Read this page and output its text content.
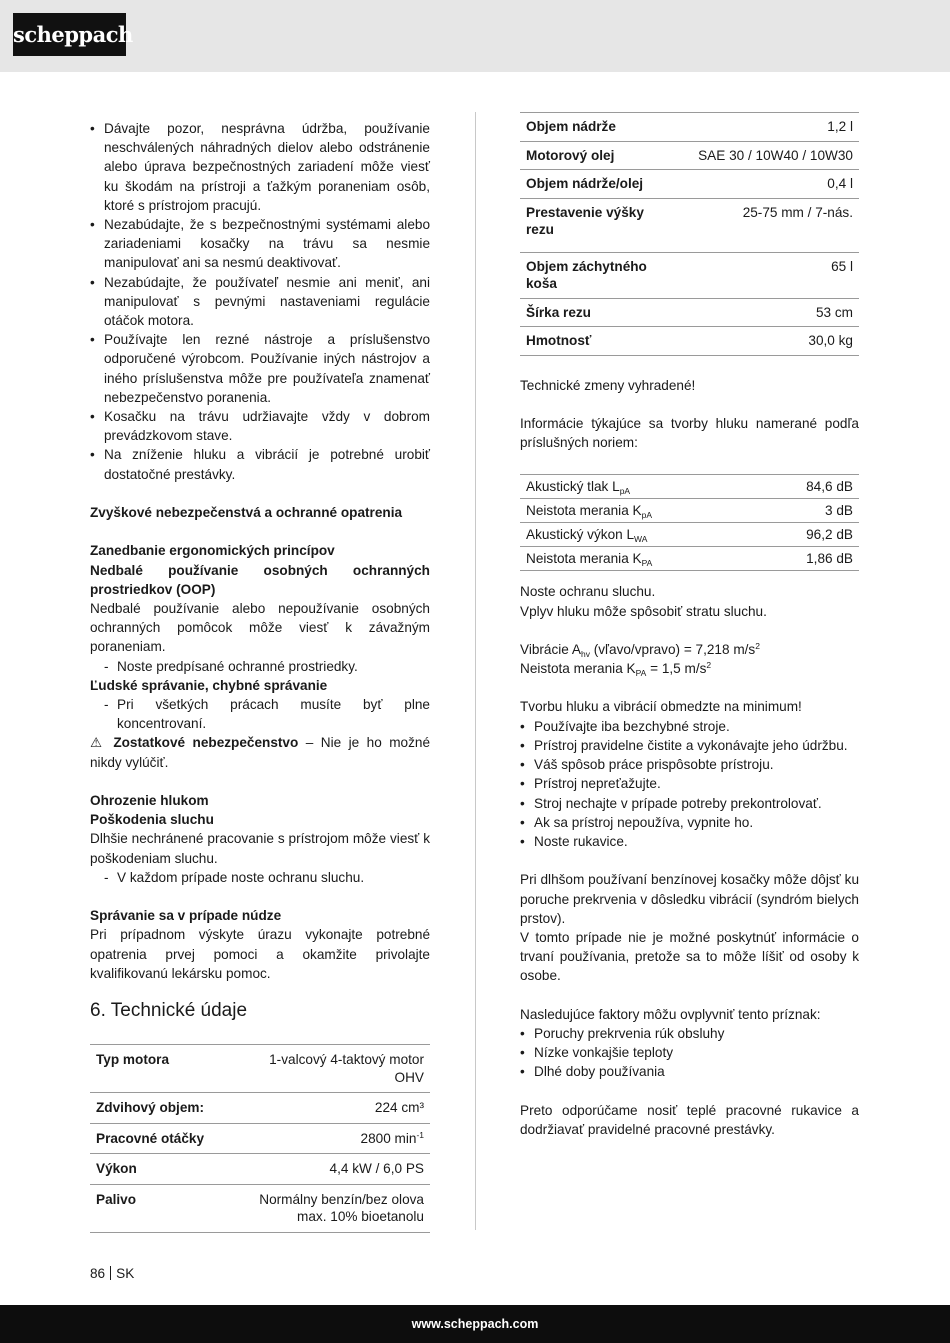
scheppach
• Dávajte pozor, nesprávna údržba, používanie neschválených náhradných dielov alebo odstránenie alebo úprava bezpečnostných zariadení môže viesť ku škodám na prístroji a ťažkým poraneniam osôb, ktoré s prístrojom pracujú.
• Nezabúdajte, že s bezpečnostnými systémami alebo zariadeniami kosačky na trávu sa nesmie manipulovať ani sa nesmú deaktivovať.
• Nezabúdajte, že používateľ nesmie ani meniť, ani manipulovať s pevnými nastaveniami regulácie otáčok motora.
• Používajte len rezné nástroje a príslušenstvo odporučené výrobcom. Používanie iných nástrojov a iného príslušenstva môže pre používateľa znamenať nebezpečenstvo poranenia.
• Kosačku na trávu udržiavajte vždy v dobrom prevádzkovom stave.
• Na zníženie hluku a vibrácií je potrebné urobiť dostatočné prestávky.
Zvyškové nebezpečenstvá a ochranné opatrenia
Zanedbanie ergonomických princípov
Nedbalé používanie osobných ochranných prostriedkov (OOP)
Nedbalé používanie alebo nepoužívanie osobných ochranných pomôcok môže viesť k závažným poraneniam.
- Noste predpísané ochranné prostriedky.
Ľudské správanie, chybné správanie
- Pri všetkých prácach musíte byť plne koncentrovaní.
⚠ Zostatkové nebezpečenstvo – Nie je ho možné nikdy vylúčiť.
Ohrozenie hlukom
Poškodenia sluchu
Dlhšie nechránené pracovanie s prístrojom môže viesť k poškodeniam sluchu.
- V každom prípade noste ochranu sluchu.
Správanie sa v prípade núdze
Pri prípadnom výskyte úrazu vykonajte potrebné opatrenia prvej pomoci a okamžite privolajte kvalifikovanú lekársku pomoc.
6. Technické údaje
Typ motora	1-valcový 4-taktový motor OHV
Zdvihový objem:	224 cm³
Pracovné otáčky	2800 $\min^{-1}$
Výkon	4,4 kW / 6,0 PS
Palivo	Normálny benzín/bez olova max. 10% bioetanolu
Objem nádrže	1,2 l
Motorový olej	SAE 30 / 10W40 / 10W30
Objem nádrže/olej	0,4 l
Prestavenie výšky rezu	25-75 mm / 7-nás.
Objem záchytného koša	65 l
Šírka rezu	53 cm
Hmotnosť	30,0 kg
Technické zmeny vyhradené!
Informácie týkajúce sa tvorby hluku namerané podľa príslušných noriem:
Akustický tlak $L_{pA}$	84,6 dB
Neistota merania $K_{pA}$	3 dB
Akustický výkon $L_{WA}$	96,2 dB
Neistota merania $K_{PA}$	1,86 dB
Noste ochranu sluchu.
Vplyv hluku môže spôsobiť stratu sluchu.
Vibrácie $A_{hv}$ (vľavo/vpravo) = 7,218 $m/s^2$
Neistota merania $K_{PA} = 1,5$ $m/s^2$
Tvorbu hluku a vibrácií obmedzte na minimum!
• Používajte iba bezchybné stroje.
• Prístroj pravidelne čistite a vykonávajte jeho údržbu.
• Váš spôsob práce prispôsobte prístroju.
• Prístroj nepreťažujte.
• Stroj nechajte v prípade potreby prekontrolovať.
• Ak sa prístroj nepoužíva, vypnite ho.
• Noste rukavice.
Pri dlhšom používaní benzínovej kosačky môže dôjsť ku poruche prekrvenia v dôsledku vibrácií (syndróm bielych prstov).
V tomto prípade nie je možné poskytnúť informácie o trvaní používania, pretože sa to môže líšiť od osoby k osobe.
Nasledujúce faktory môžu ovplyvniť tento príznak:
• Poruchy prekrvenia rúk obsluhy
• Nízke vonkajšie teploty
• Dlhé doby používania
Preto odporúčame nosiť teplé pracovné rukavice a dodržiavať pravidelné pracovné prestávky.
86 SK
www.scheppach.com
